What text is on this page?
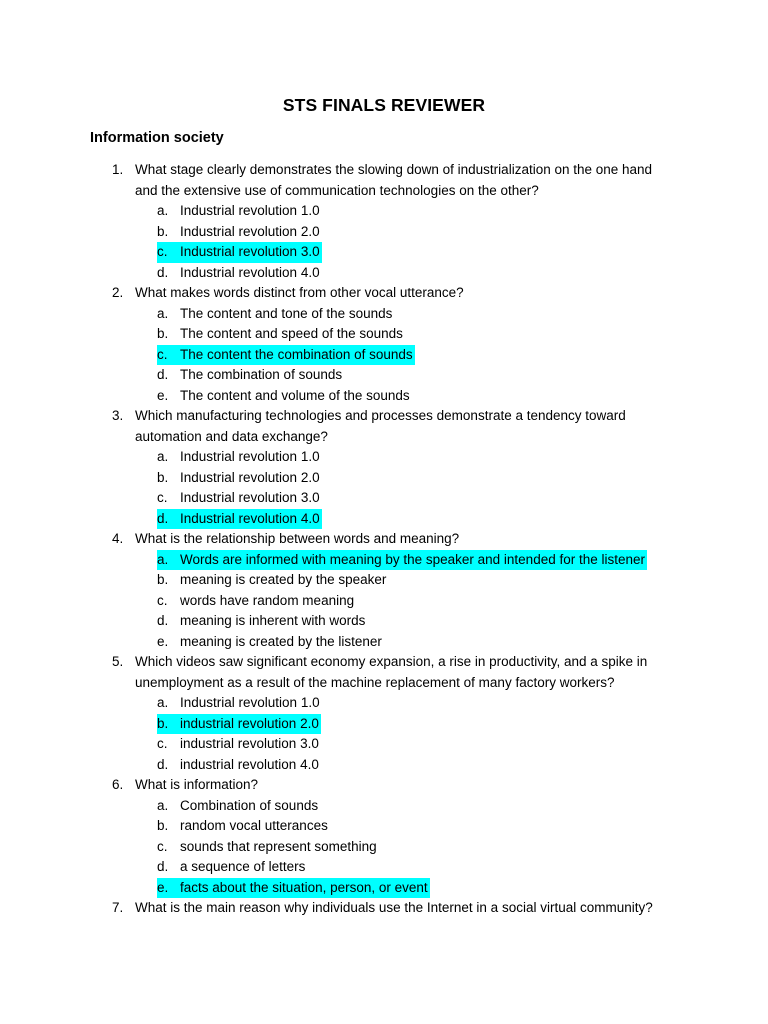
STS FINALS REVIEWER
Information society
1. What stage clearly demonstrates the slowing down of industrialization on the one hand
and the extensive use of communication technologies on the other?
a. Industrial revolution 1.0
b. Industrial revolution 2.0
c. Industrial revolution 3.0
d. Industrial revolution 4.0
2. What makes words distinct from other vocal utterance?
a. The content and tone of the sounds
b. The content and speed of the sounds
c. The content the combination of sounds
d. The combination of sounds
e. The content and volume of the sounds
3. Which manufacturing technologies and processes demonstrate a tendency toward
automation and data exchange?
a. Industrial revolution 1.0
b. Industrial revolution 2.0
c. Industrial revolution 3.0
d. Industrial revolution 4.0
4. What is the relationship between words and meaning?
a. Words are informed with meaning by the speaker and intended for the listener
b. meaning is created by the speaker
c. words have random meaning
d. meaning is inherent with words
e. meaning is created by the listener
5. Which videos saw significant economy expansion, a rise in productivity, and a spike in
unemployment as a result of the machine replacement of many factory workers?
a. Industrial revolution 1.0
b. industrial revolution 2.0
c. industrial revolution 3.0
d. industrial revolution 4.0
6. What is information?
a. Combination of sounds
b. random vocal utterances
c. sounds that represent something
d. a sequence of letters
e. facts about the situation, person, or event
7. What is the main reason why individuals use the Internet in a social virtual community?
